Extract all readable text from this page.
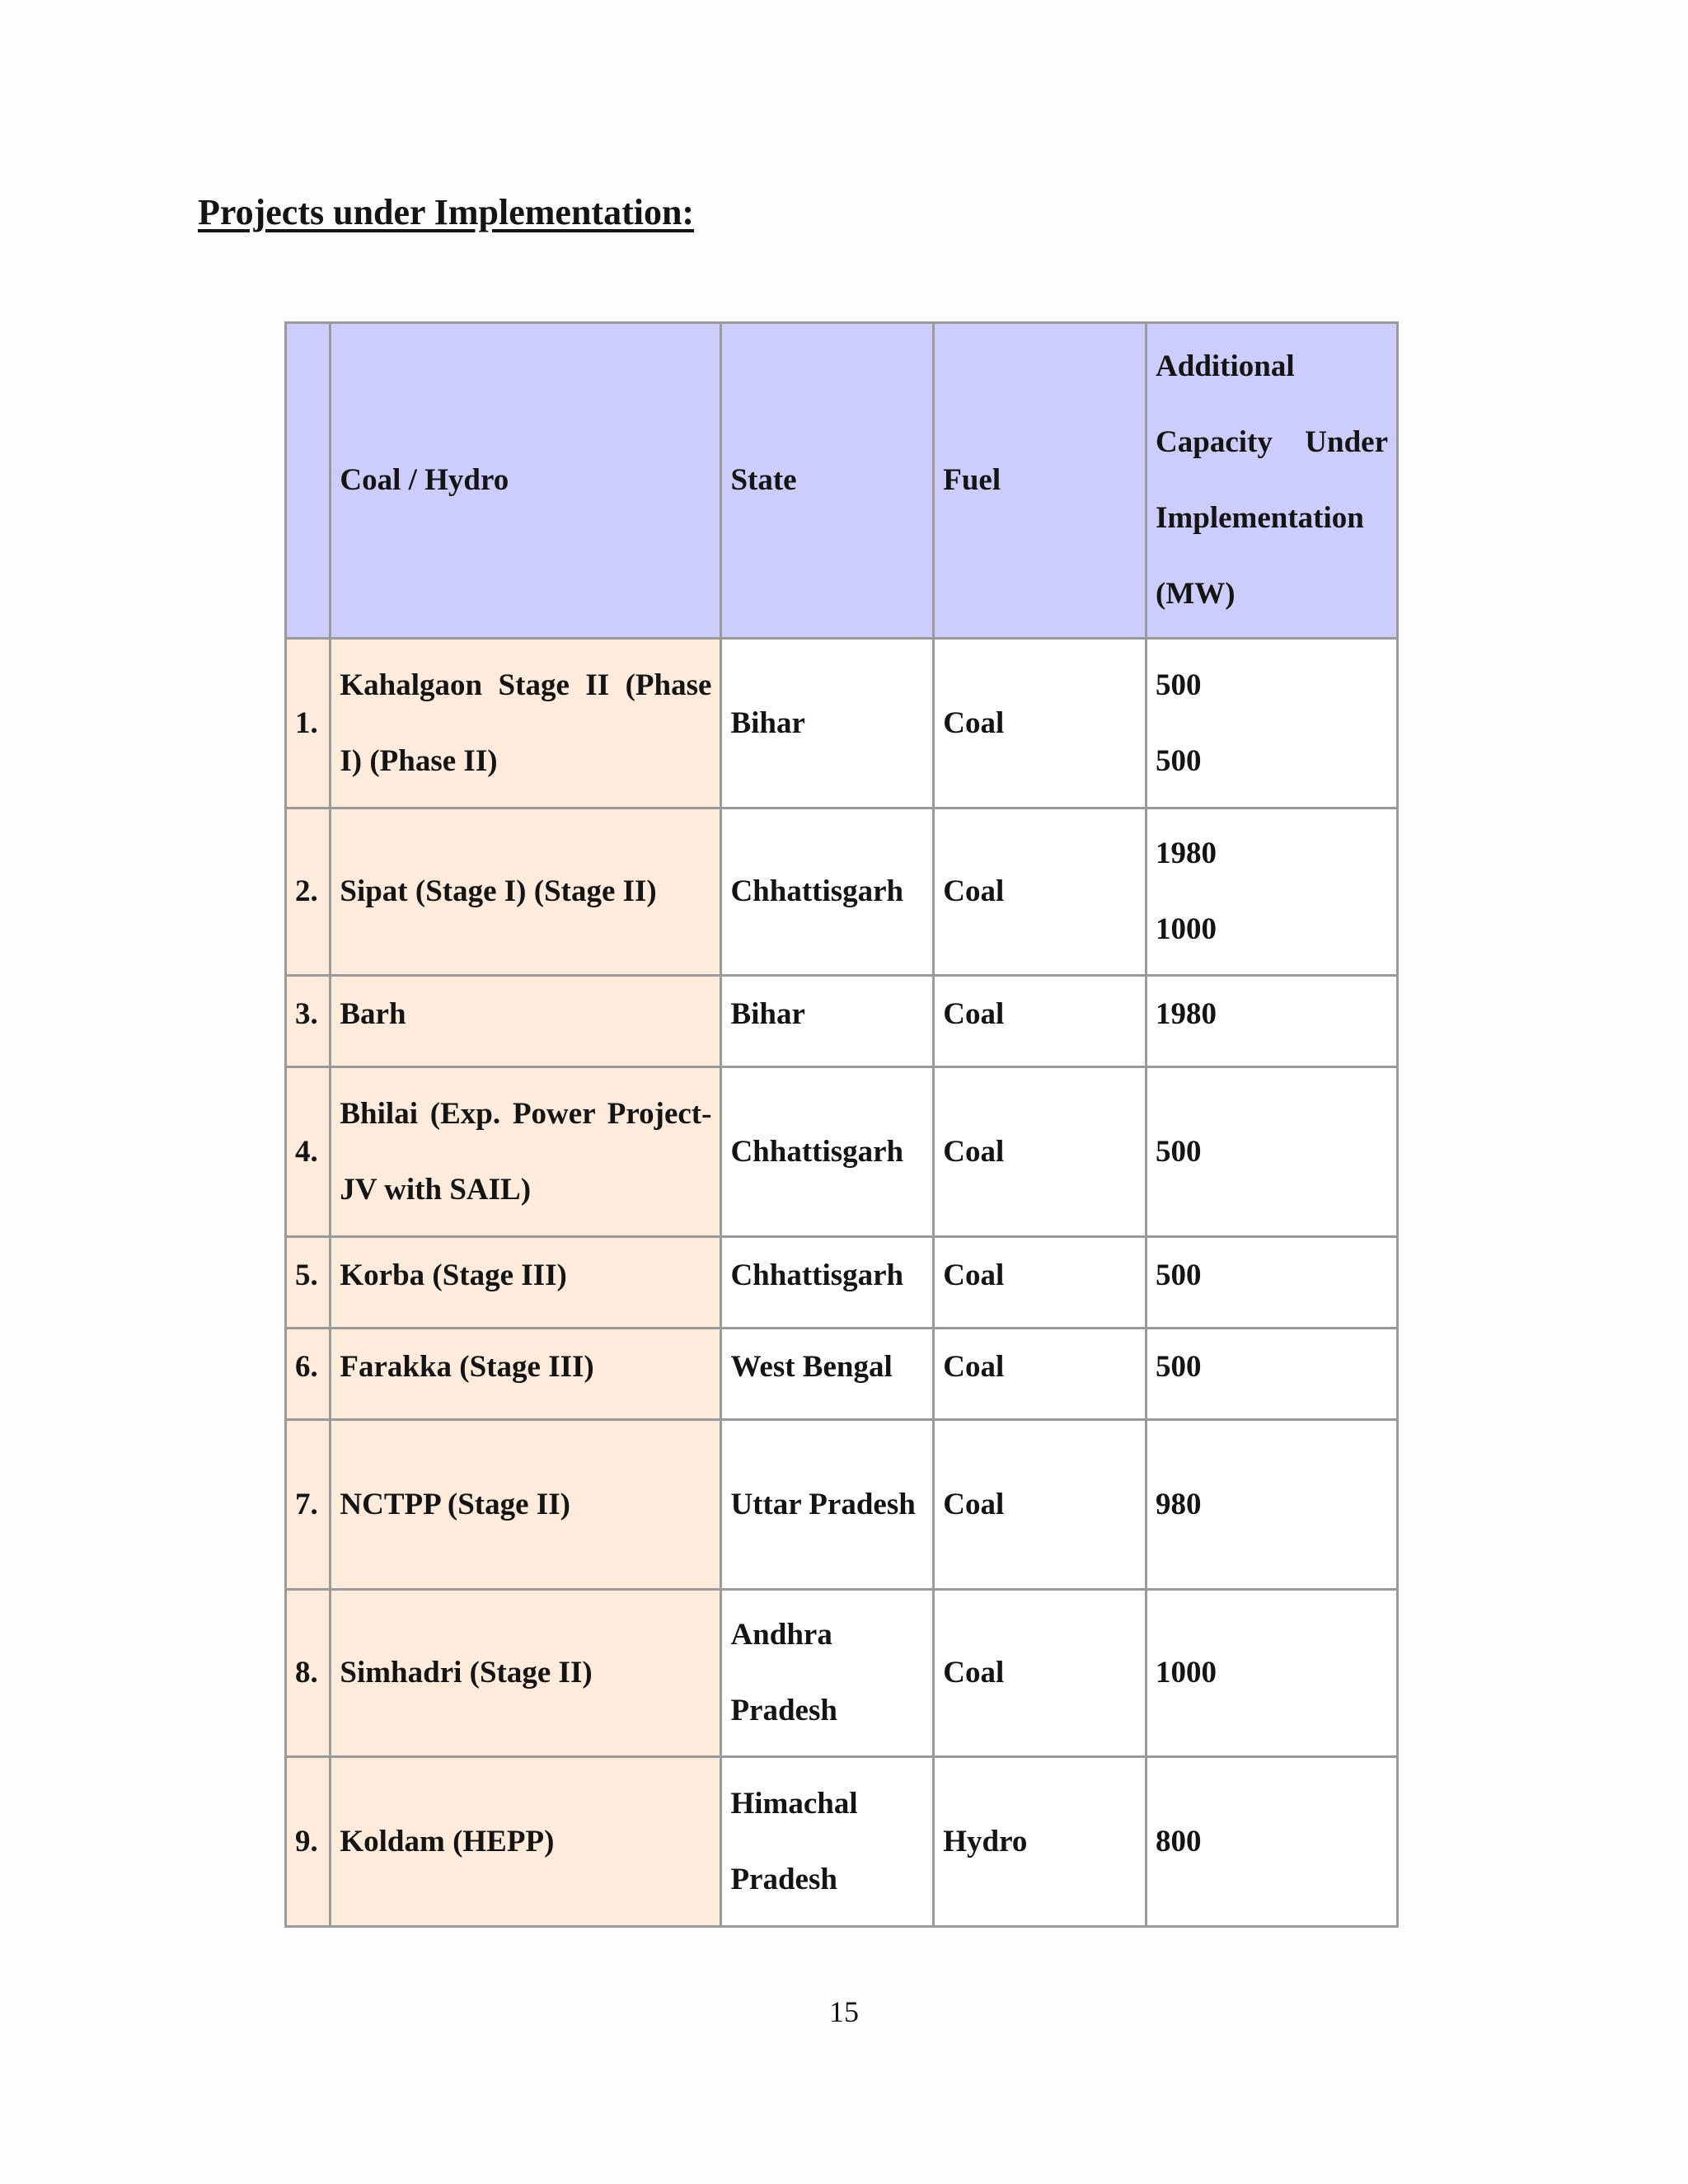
Projects under Implementation:
	Coal / Hydro	State	Fuel	Additional
Capacity Under
Implementation
(MW)

1.	Kahalgaon Stage II (Phase I) (Phase II)	Bihar	Coal	500
500

2.	Sipat (Stage I) (Stage II)	Chhattisgarh	Coal	1980
1000

3.	Barh	Bihar	Coal	1980

4.	Bhilai (Exp. Power Project-JV with SAIL)	Chhattisgarh	Coal	500

5.	Korba (Stage III)	Chhattisgarh	Coal	500

6.	Farakka (Stage III)	West Bengal	Coal	500

7.	NCTPP (Stage II)	Uttar Pradesh	Coal	980

8.	Simhadri (Stage II)	Andhra Pradesh	Coal	1000

9.	Koldam (HEPP)	Himachal Pradesh	Hydro	800
15
